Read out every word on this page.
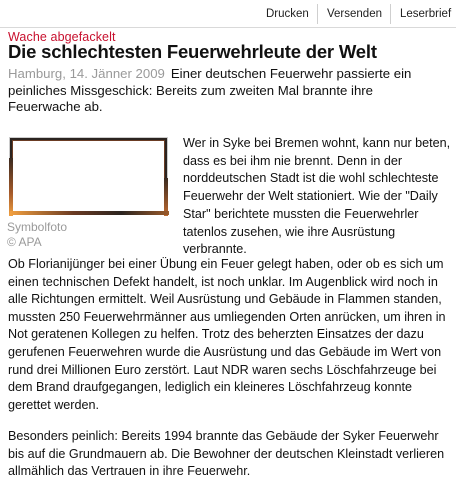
Drucken Versenden Leserbrief
Wache abgefackelt
Die schlechtesten Feuerwehrleute der Welt

Hamburg, 14. Jänner 2009 Einer deutschen Feuerwehr passierte ein peinliches Missgeschick: Bereits zum zweiten Mal brannte ihre Feuerwache ab.

Symbolfoto
© APA

Wer in Syke bei Bremen wohnt, kann nur beten, dass es bei ihm nie brennt. Denn in der norddeutschen Stadt ist die wohl schlechteste Feuerwehr der Welt stationiert. Wie der "Daily Star" berichtete mussten die Feuerwehrler tatenlos zusehen, wie ihre Ausrüstung verbrannte.

Ob Florianijünger bei einer Übung ein Feuer gelegt haben, oder ob es sich um einen technischen Defekt handelt, ist noch unklar. Im Augenblick wird noch in alle Richtungen ermittelt. Weil Ausrüstung und Gebäude in Flammen standen, mussten 250 Feuerwehrmänner aus umliegenden Orten anrücken, um ihren in Not geratenen Kollegen zu helfen. Trotz des beherzten Einsatzes der dazu gerufenen Feuerwehren wurde die Ausrüstung und das Gebäude im Wert von rund drei Millionen Euro zerstört. Laut NDR waren sechs Löschfahrzeuge bei dem Brand draufgegangen, lediglich ein kleineres Löschfahrzeug konnte gerettet werden.

Besonders peinlich: Bereits 1994 brannte das Gebäude der Syker Feuerwehr bis auf die Grundmauern ab. Die Bewohner der deutschen Kleinstadt verlieren allmählich das Vertrauen in ihre Feuerwehr.
